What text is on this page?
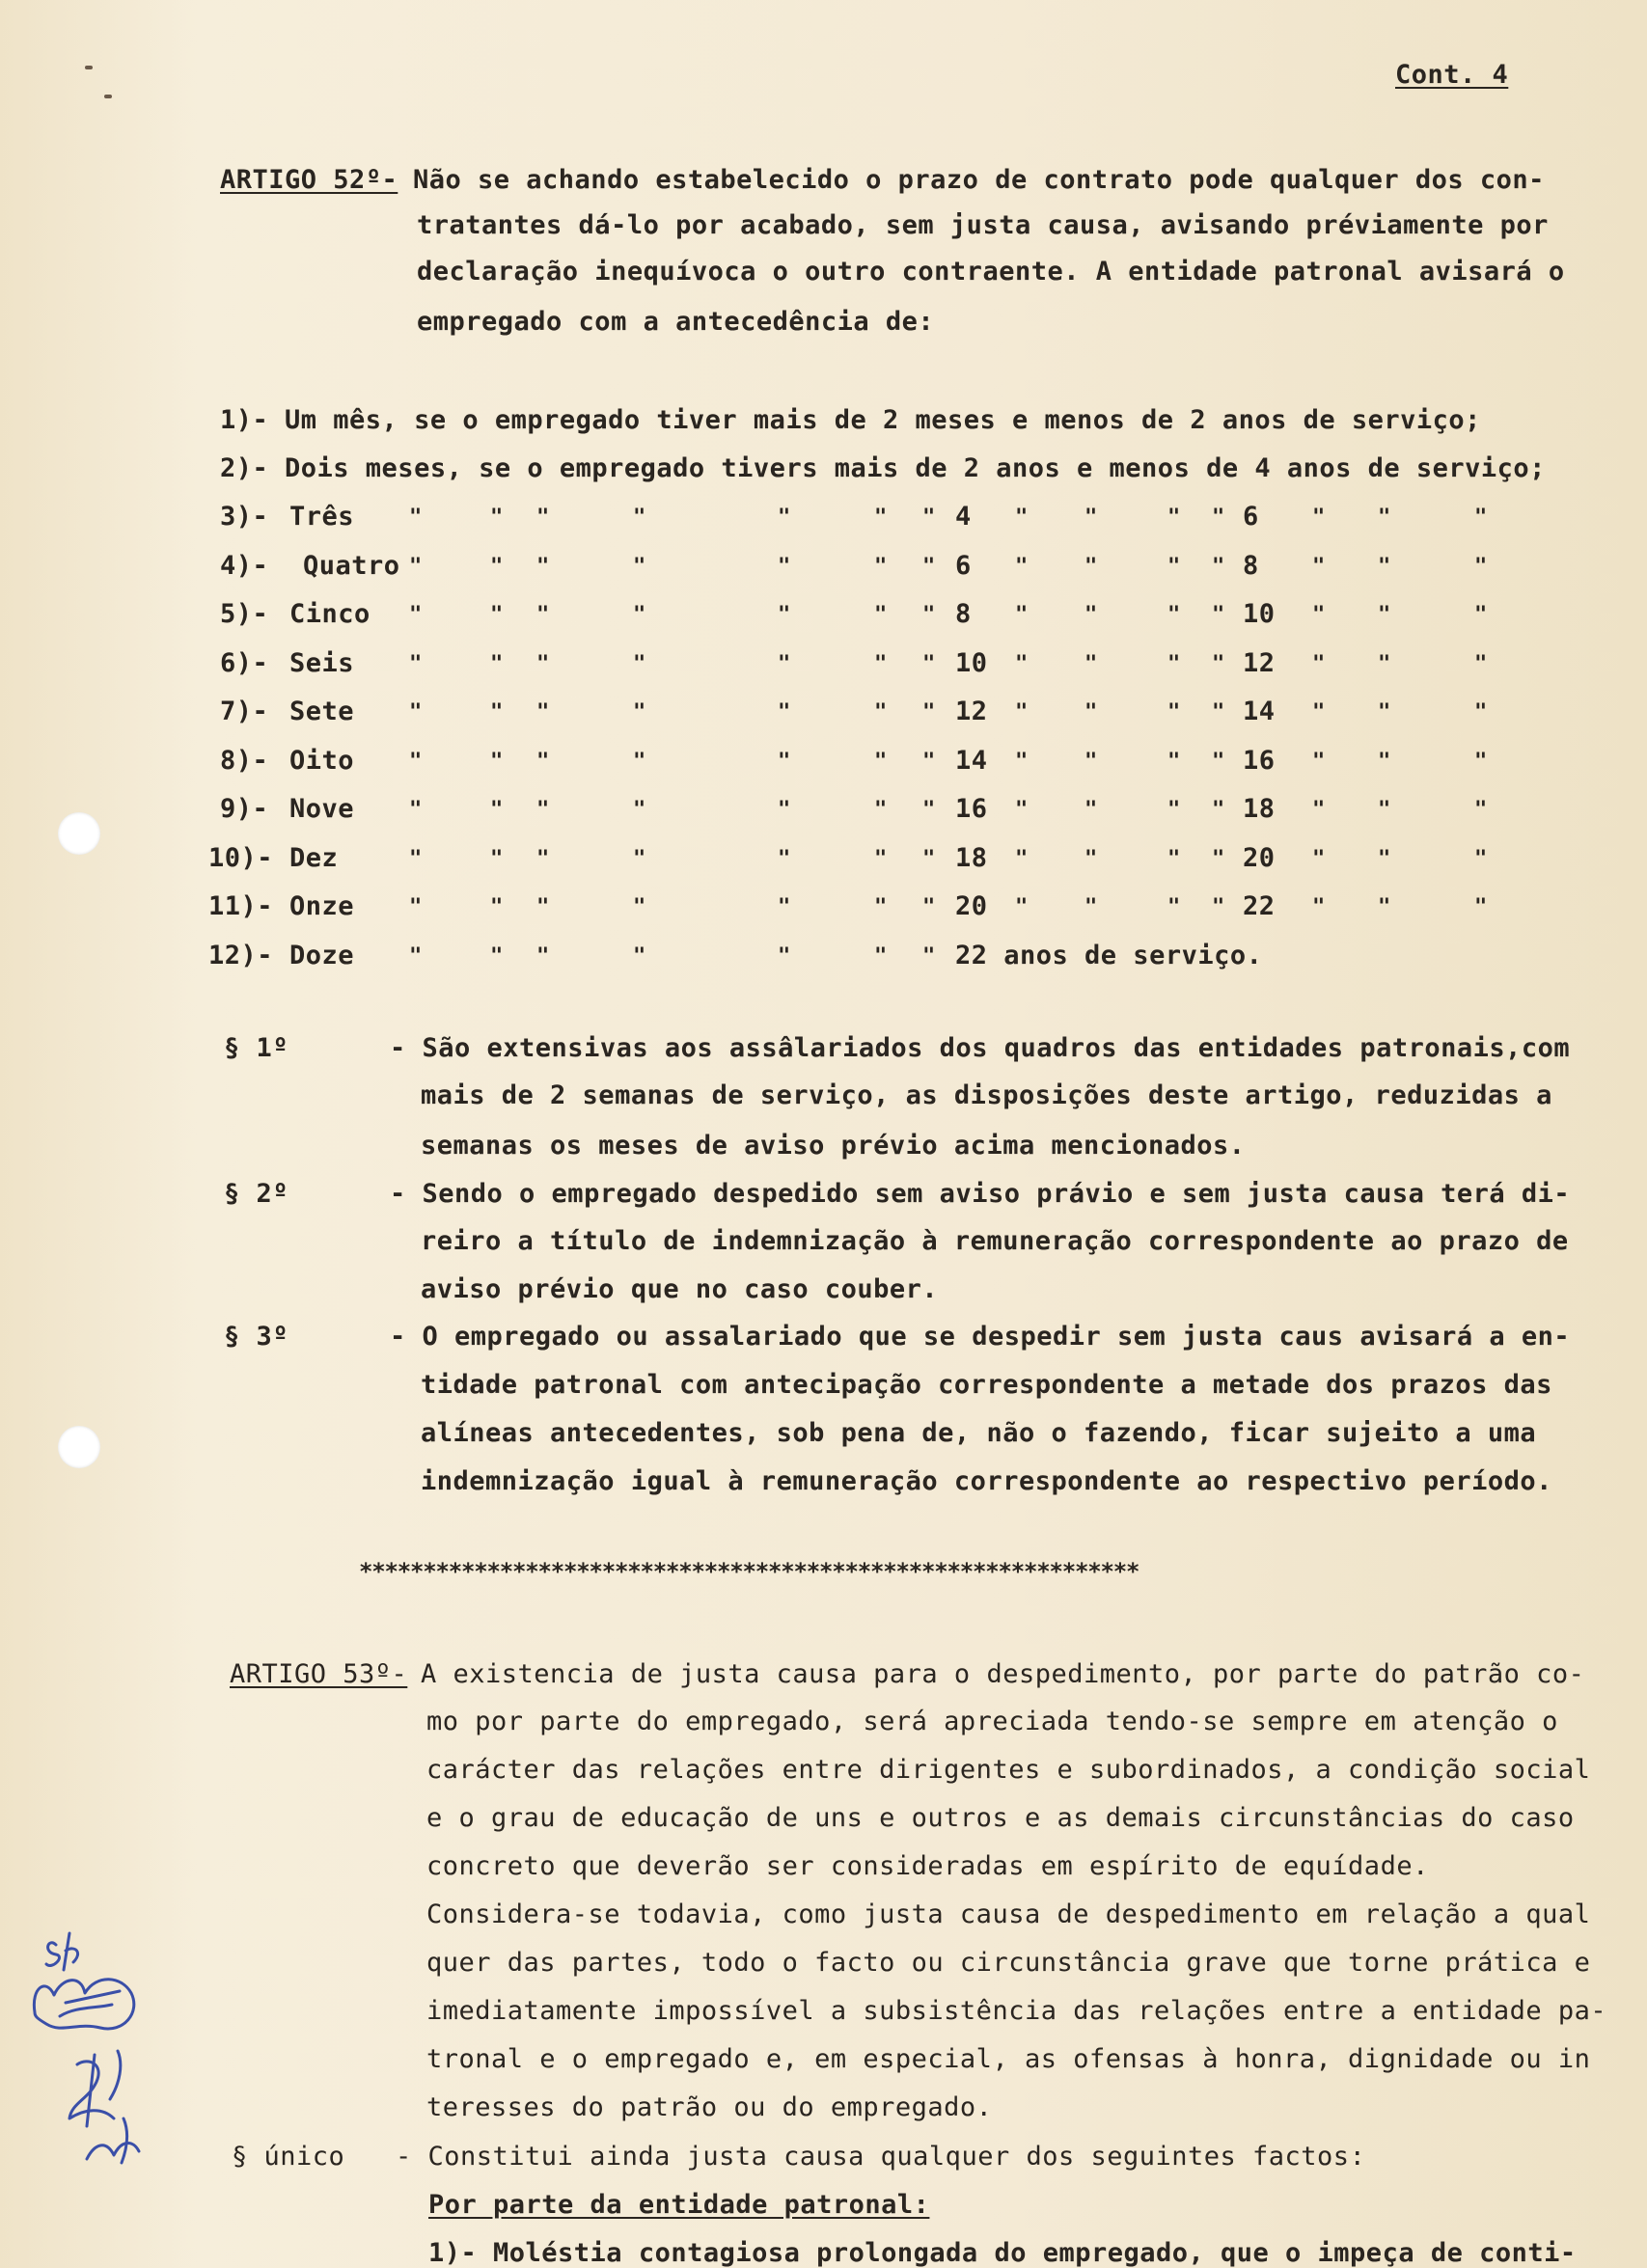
Cont. 4
ARTIGO 52º- Não se achando estabelecido o prazo de contrato pode qualquer dos con-
tratantes dá-lo por acabado, sem justa causa, avisando préviamente por
declaração inequívoca o outro contraente. A entidade patronal avisará o
empregado com a antecedência de:
1)- Um mês, se o empregado tiver mais de 2 meses e menos de 2 anos de serviço;
2)- Dois meses, se o empregado tivers mais de 2 anos e menos de 4 anos de serviço;
3)- Três	"	" "	"	"	" " 4 "	"	" " 6	" "	"
4)- Quatro "	" "	"	"	" " 6 "	"	" " 8	" "	"
5)- Cinco "	" "	"	"	" " 8 "	"	" " 10 " "	"
6)- Seis	"	" "	"	"	" " 10 "	"	" " 12 " "	"
7)- Sete	"	" "	"	"	" " 12 "	"	" " 14 " "	"
8)- Oito	"	" "	"	"	" " 14 "	"	" " 16 " "	"
9)- Nove	"	" "	"	"	" " 16 "	"	" " 18 " "	"
10)- Dez	"	" "	"	"	" " 18 "	"	" " 20 " "	"
11)- Onze	"	" "	"	"	" " 20 "	"	" " 22 " "	"
12)- Doze	"	" "	"	"	" " 22 anos de serviço.
§ 1º	- São extensivas aos assâlariados dos quadros das entidades patronais,com
mais de 2 semanas de serviço, as disposições deste artigo, reduzidas a
semanas os meses de aviso prévio acima mencionados.
§ 2º	- Sendo o empregado despedido sem aviso právio e sem justa causa terá di-
reiro a título de indemnização à remuneração correspondente ao prazo de
aviso prévio que no caso couber.
§ 3º	- O empregado ou assalariado que se despedir sem justa caus avisará a en-
tidade patronal com antecipação correspondente a metade dos prazos das
alíneas antecedentes, sob pena de, não o fazendo, ficar sujeito a uma
indemnização igual à remuneração correspondente ao respectivo período.
*************************************************************
ARTIGO 53º- A existencia de justa causa para o despedimento, por parte do patrão co-
mo por parte do empregado, será apreciada tendo-se sempre em atenção o
carácter das relações entre dirigentes e subordinados, a condição social
e o grau de educação de uns e outros e as demais circunstâncias do caso
concreto que deverão ser consideradas em espírito de equídade.
Considera-se todavia, como justa causa de despedimento em relação a qual
quer das partes, todo o facto ou circunstância grave que torne prática e
imediatamente impossível a subsistência das relações entre a entidade pa-
tronal e o empregado e, em especial, as ofensas à honra, dignidade ou in
teresses do patrão ou do empregado.
§ único - Constitui ainda justa causa qualquer dos seguintes factos:
Por parte da entidade patronal:
1)- Moléstia contagiosa prolongada do empregado, que o impeça de conti-
